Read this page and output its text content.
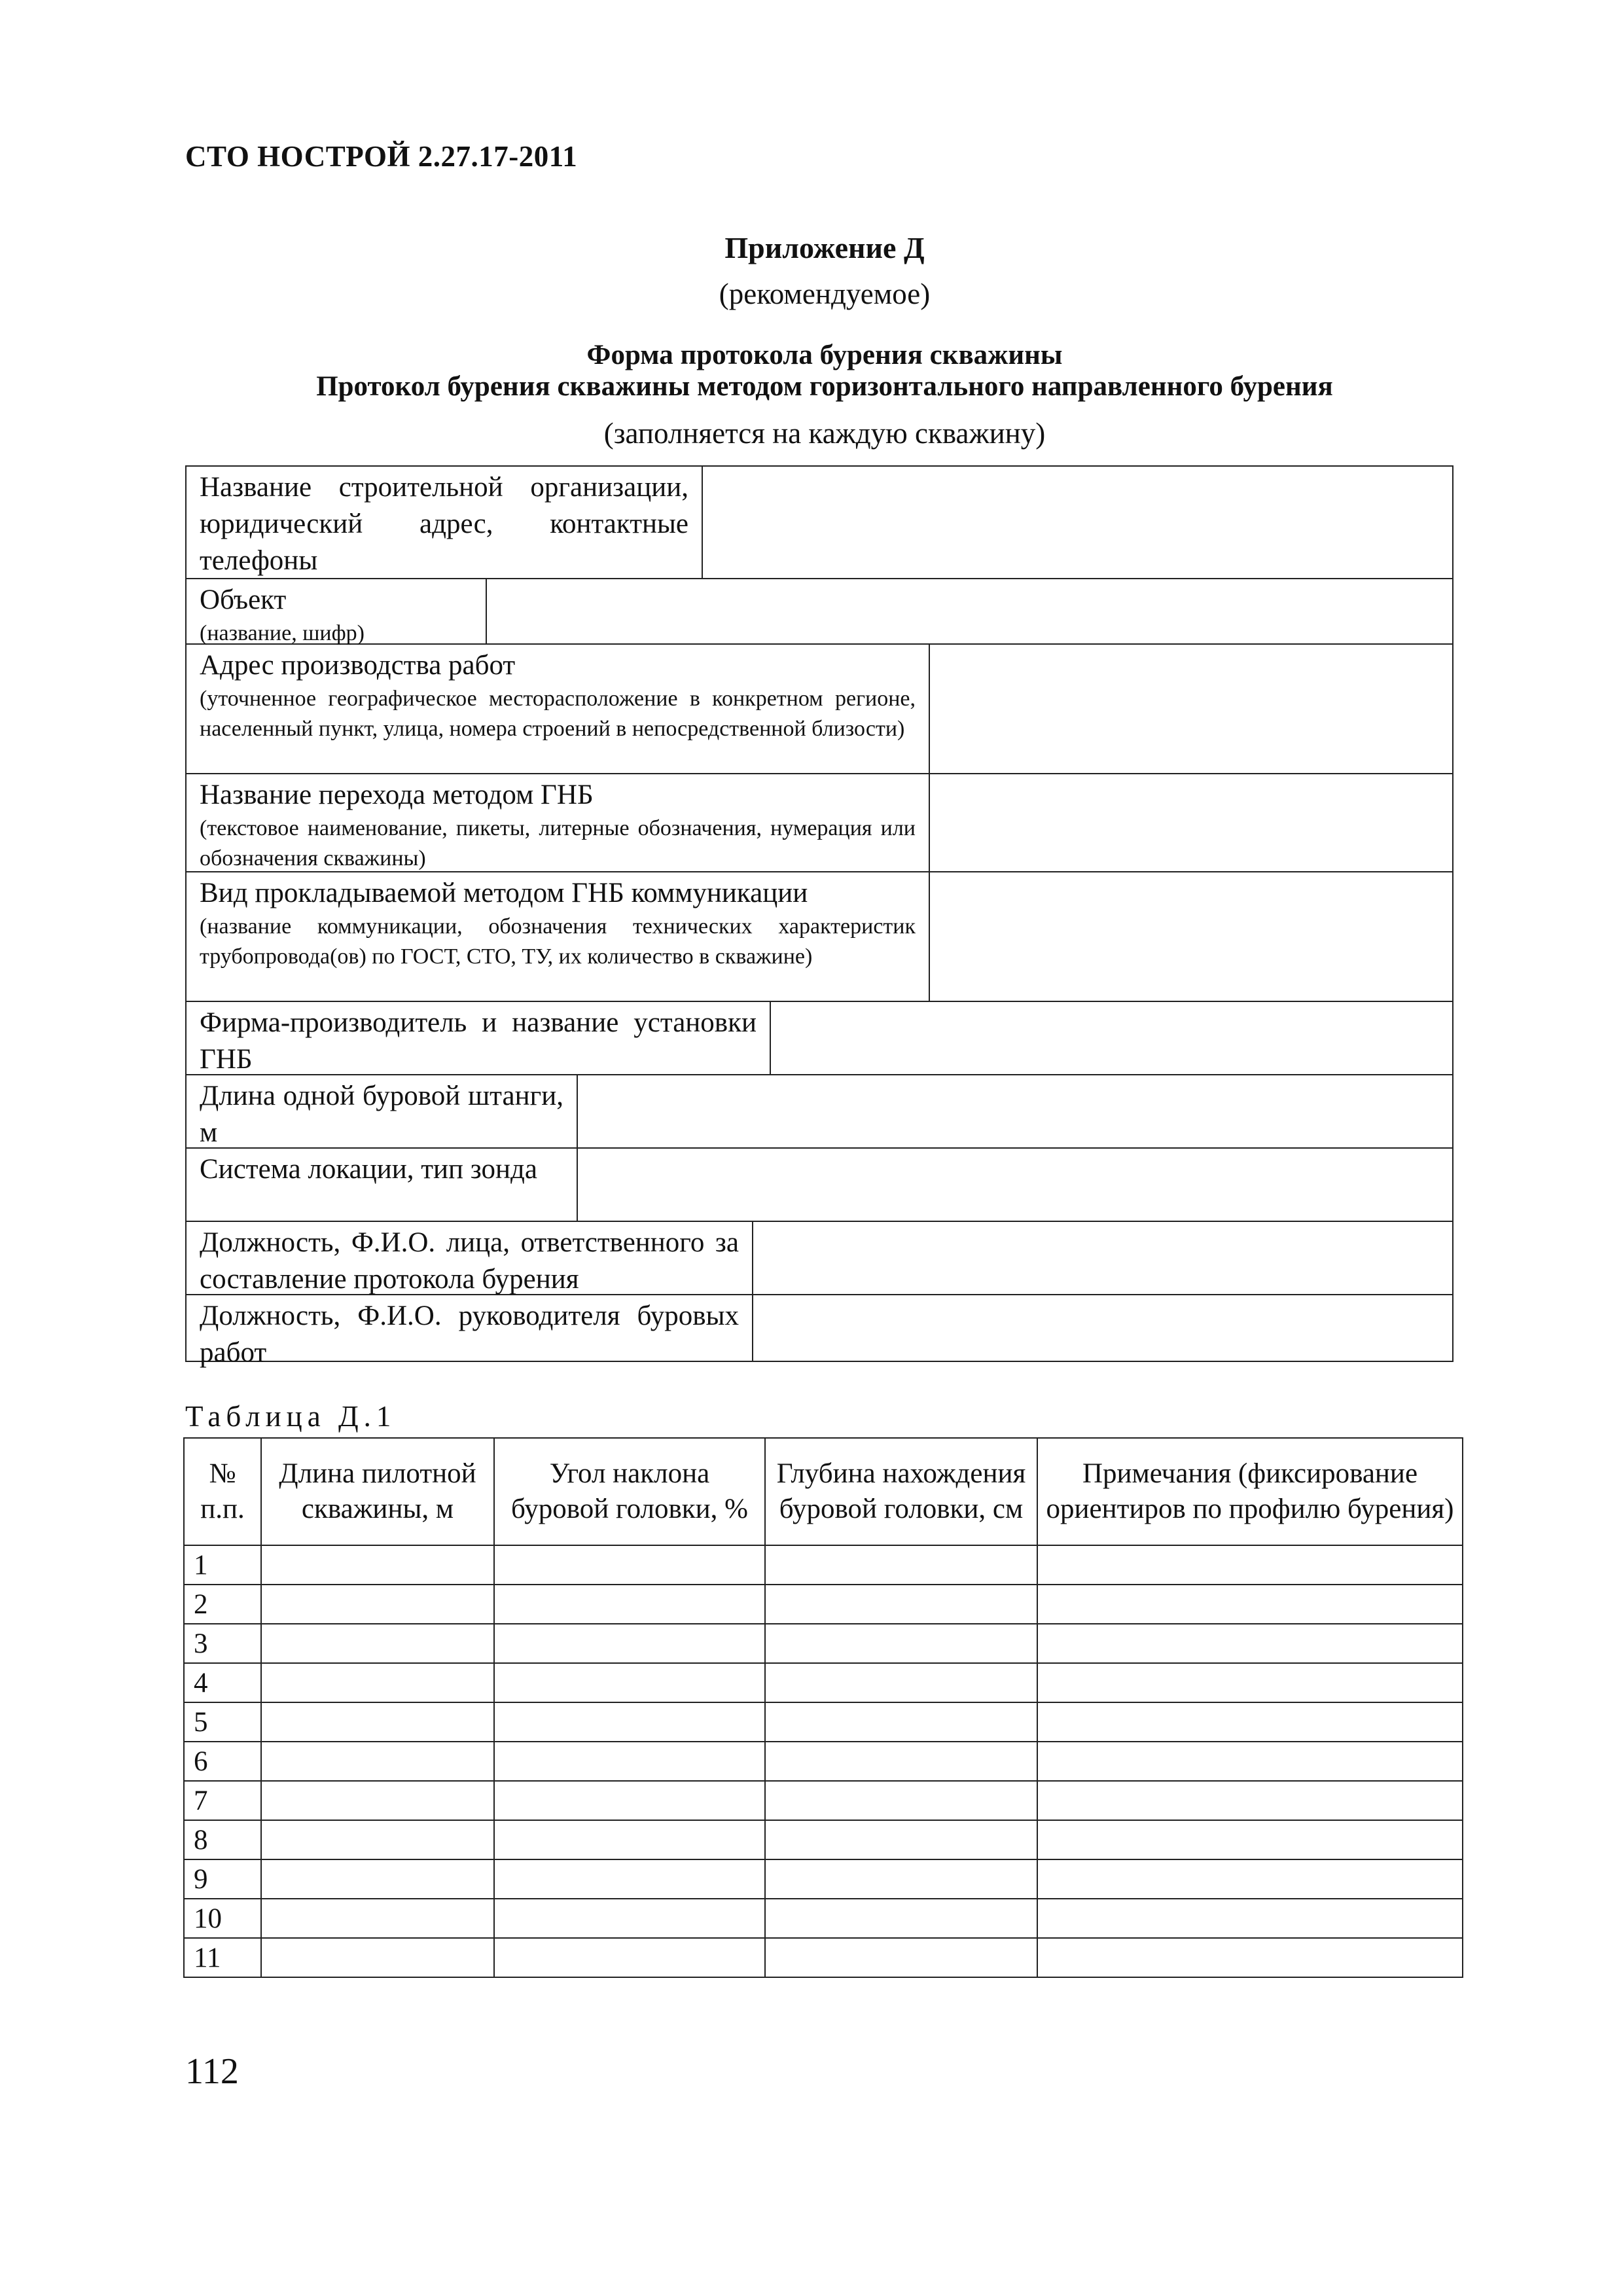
СТО НОСТРОЙ 2.27.17-2011
Приложение Д
(рекомендуемое)
Форма протокола бурения скважины
Протокол бурения скважины методом горизонтального направленного бурения
(заполняется на каждую скважину)
Название строительной организации, юридический адрес, контактные телефоны
Объект
(название, шифр)
Адрес производства работ
(уточненное географическое месторасположение в конкретном регионе, населенный пункт, улица, номера строений в непосредственной близости)
Название перехода методом ГНБ
(текстовое наименование, пикеты, литерные обозначения, нумерация или обозначения скважины)
Вид прокладываемой методом ГНБ коммуникации
(название коммуникации, обозначения технических характеристик трубопровода(ов) по ГОСТ, СТО, ТУ, их количество в скважине)
Фирма-производитель и название установки ГНБ
Длина одной буровой штанги, м
Система локации, тип зонда
Должность, Ф.И.О. лица, ответственного за составление протокола бурения
Должность, Ф.И.О. руководителя буровых работ
Таблица Д.1
№ п.п.	Длина пилотной скважины, м	Угол наклона буровой головки, %	Глубина нахождения буровой головки, см	Примечания (фиксирование ориентиров по профилю бурения)
1				
2				
3				
4				
5				
6				
7				
8				
9				
10				
11				
112
